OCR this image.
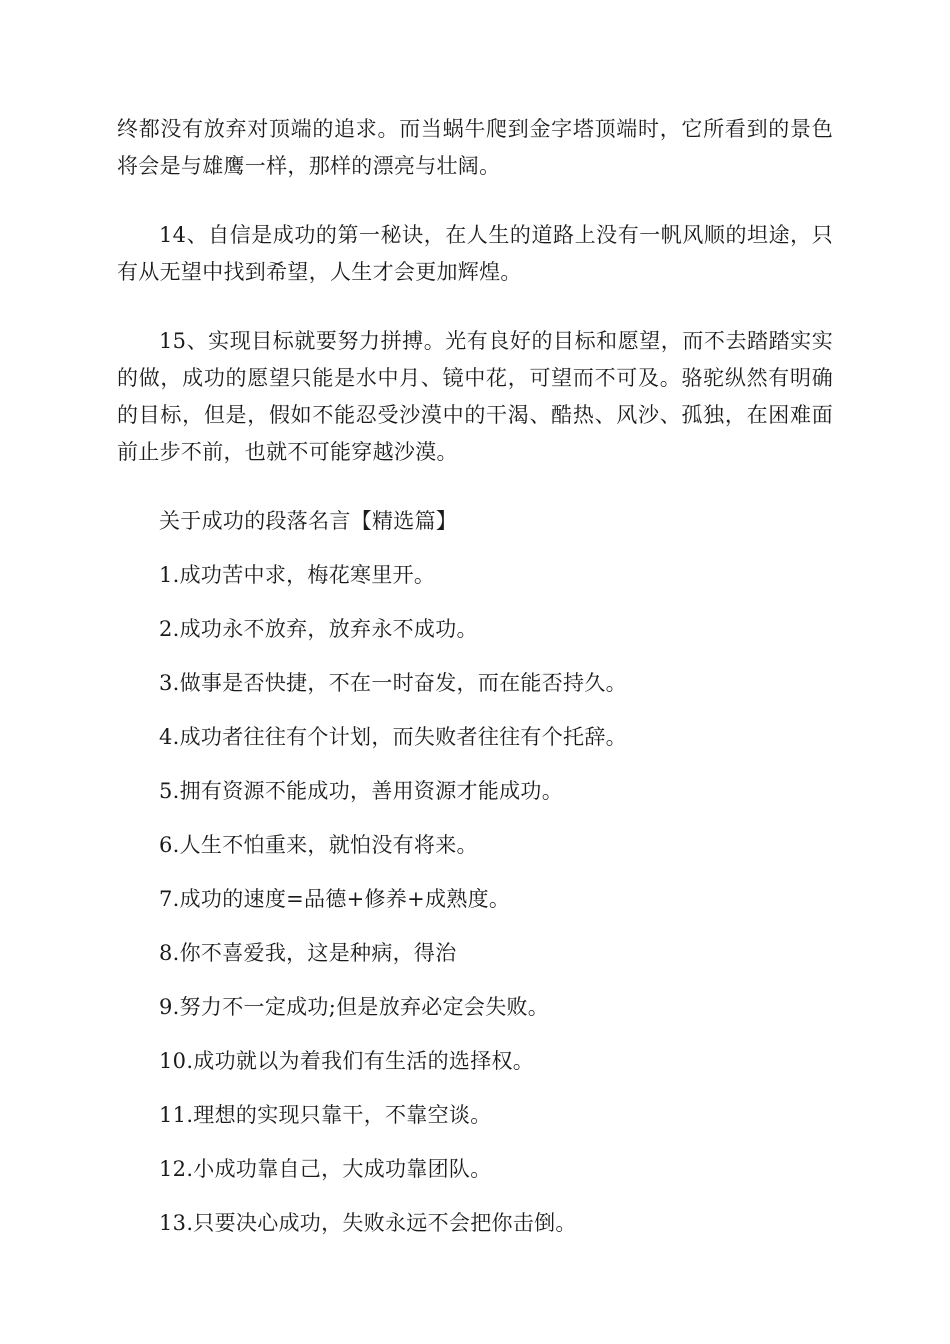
终都没有放弃对顶端的追求。而当蜗牛爬到金字塔顶端时，它所看到的景色将会是与雄鹰一样，那样的漂亮与壮阔。

14、自信是成功的第一秘诀，在人生的道路上没有一帆风顺的坦途，只有从无望中找到希望，人生才会更加辉煌。

15、实现目标就要努力拼搏。光有良好的目标和愿望，而不去踏踏实实的做，成功的愿望只能是水中月、镜中花，可望而不可及。骆驼纵然有明确的目标，但是，假如不能忍受沙漠中的干渴、酷热、风沙、孤独，在困难面前止步不前，也就不可能穿越沙漠。

关于成功的段落名言【精选篇】

1.成功苦中求，梅花寒里开。
2.成功永不放弃，放弃永不成功。
3.做事是否快捷，不在一时奋发，而在能否持久。
4.成功者往往有个计划，而失败者往往有个托辞。
5.拥有资源不能成功，善用资源才能成功。
6.人生不怕重来，就怕没有将来。
7.成功的速度=品德+修养+成熟度。
8.你不喜爱我，这是种病，得治
9.努力不一定成功;但是放弃必定会失败。
10.成功就以为着我们有生活的选择权。
11.理想的实现只靠干，不靠空谈。
12.小成功靠自己，大成功靠团队。
13.只要决心成功，失败永远不会把你击倒。
